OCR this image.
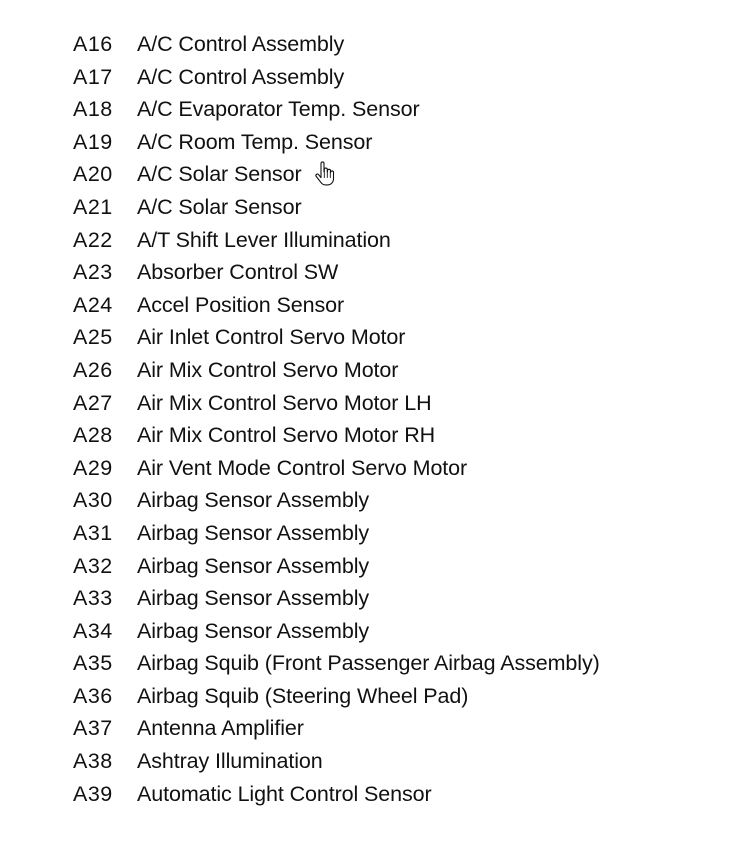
A16	A/C Control Assembly
A17	A/C Control Assembly
A18	A/C Evaporator Temp. Sensor
A19	A/C Room Temp. Sensor
A20	A/C Solar Sensor
A21	A/C Solar Sensor
A22	A/T Shift Lever Illumination
A23	Absorber Control SW
A24	Accel Position Sensor
A25	Air Inlet Control Servo Motor
A26	Air Mix Control Servo Motor
A27	Air Mix Control Servo Motor LH
A28	Air Mix Control Servo Motor RH
A29	Air Vent Mode Control Servo Motor
A30	Airbag Sensor Assembly
A31	Airbag Sensor Assembly
A32	Airbag Sensor Assembly
A33	Airbag Sensor Assembly
A34	Airbag Sensor Assembly
A35	Airbag Squib (Front Passenger Airbag Assembly)
A36	Airbag Squib (Steering Wheel Pad)
A37	Antenna Amplifier
A38	Ashtray Illumination
A39	Automatic Light Control Sensor
